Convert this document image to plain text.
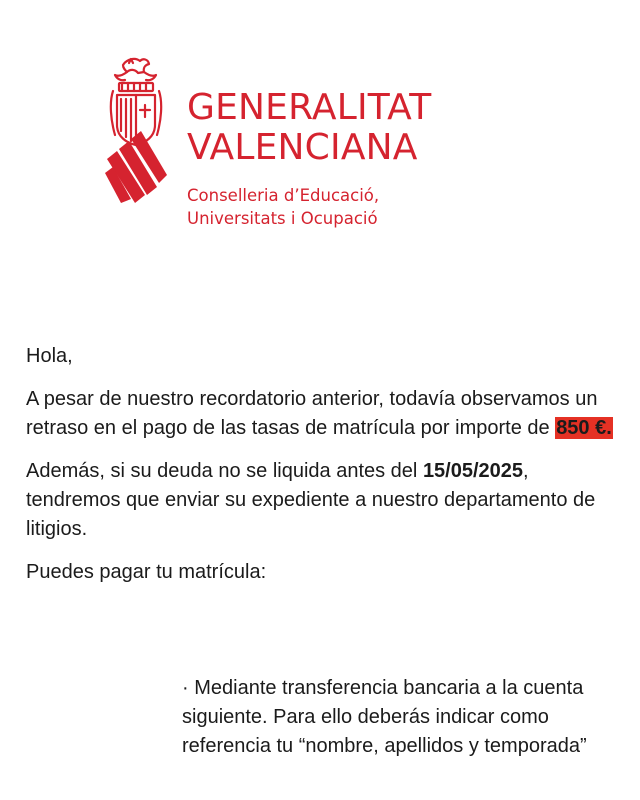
GENERALITAT
VALENCIANA
Conselleria d’Educació,
Universitats i Ocupació

Hola,

A pesar de nuestro recordatorio anterior, todavía observamos un retraso en el pago de las tasas de matrícula por importe de 850 €.

Además, si su deuda no se liquida antes del 15/05/2025, tendremos que enviar su expediente a nuestro departamento de litigios.

Puedes pagar tu matrícula:

· Mediante transferencia bancaria a la cuenta siguiente. Para ello deberás indicar como referencia tu “nombre, apellidos y temporada”
